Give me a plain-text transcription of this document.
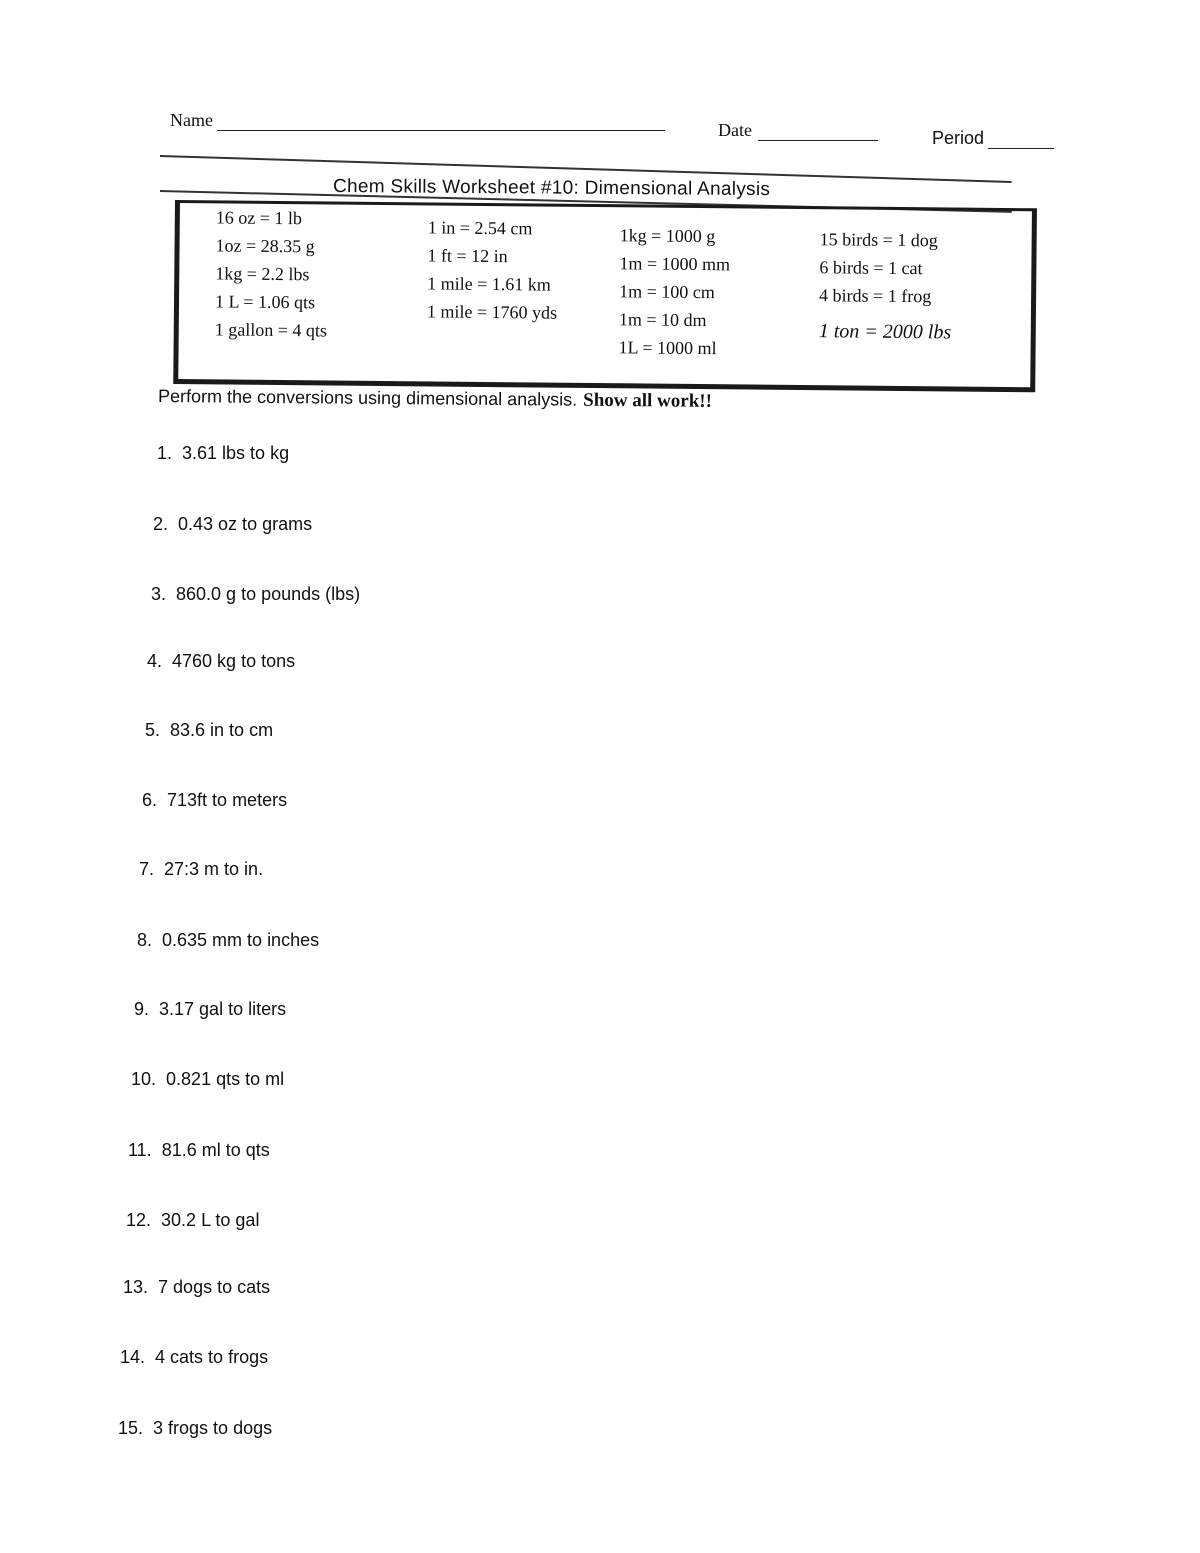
Name	Date	Period
Chem Skills Worksheet #10: Dimensional Analysis
16 oz = 1 lb
1oz = 28.35 g
1kg = 2.2 lbs
1 L = 1.06 qts
1 gallon = 4 qts
1 in = 2.54 cm
1 ft = 12 in
1 mile = 1.61 km
1 mile = 1760 yds
1kg = 1000 g
1m = 1000 mm
1m = 100 cm
1m = 10 dm
1L = 1000 ml
15 birds = 1 dog
6 birds = 1 cat
4 birds = 1 frog
1 ton = 2000 lbs
Perform the conversions using dimensional analysis. Show all work!!
1. 3.61 lbs to kg
2. 0.43 oz to grams
3. 860.0 g to pounds (lbs)
4. 4760 kg to tons
5. 83.6 in to cm
6. 713ft to meters
7. 27:3 m to in.
8. 0.635 mm to inches
9. 3.17 gal to liters
10. 0.821 qts to ml
11. 81.6 ml to qts
12. 30.2 L to gal
13. 7 dogs to cats
14. 4 cats to frogs
15. 3 frogs to dogs
